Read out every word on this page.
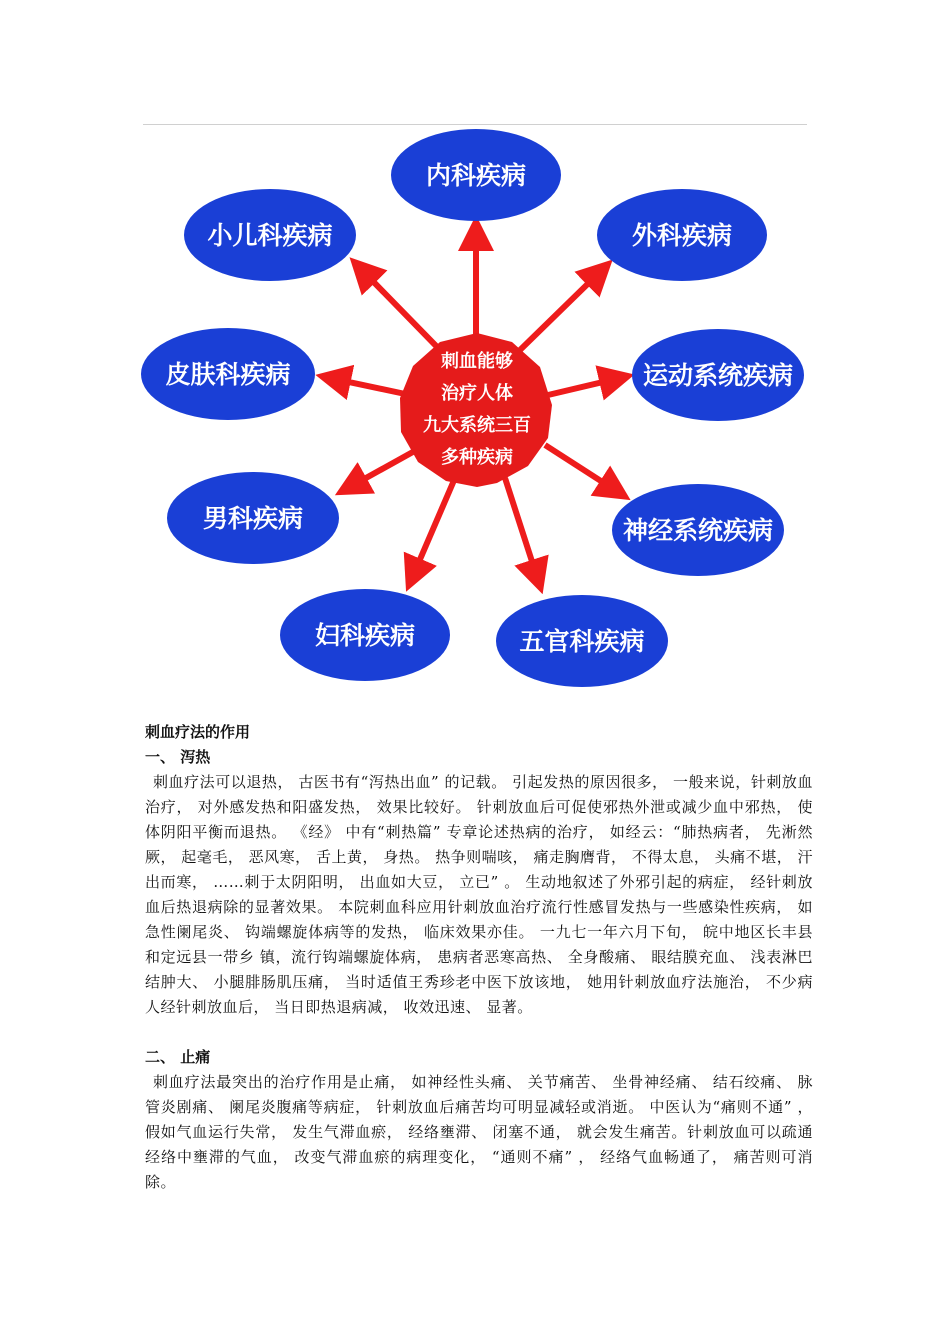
刺血能够
治疗人体
九大系统三百
多种疾病
内科疾病
小儿科疾病	外科疾病
皮肤科疾病	运动系统疾病
男科疾病	神经系统疾病
妇科疾病	五官科疾病

刺血疗法的作用

一、 泻热

刺血疗法可以退热， 古医书有“泻热出血” 的记载。 引起发热的原因很多， 一般来说，针刺放血治疗， 对外感发热和阳盛发热， 效果比较好。 针刺放血后可促使邪热外泄或减少血中邪热， 使体阴阳平衡而退热。 《经》 中有“刺热篇” 专章论述热病的治疗， 如经云：“肺热病者， 先淅然厥， 起毫毛， 恶风寒， 舌上黄， 身热。 热争则喘咳， 痛走胸膺背， 不得太息， 头痛不堪， 汗出而寒， ……刺于太阴阳明， 出血如大豆， 立已” 。 生动地叙述了外邪引起的病症， 经针刺放血后热退病除的显著效果。 本院刺血科应用针刺放血治疗流行性感冒发热与一些感染性疾病， 如急性阑尾炎、 钩端螺旋体病等的发热， 临床效果亦佳。 一九七一年六月下旬， 皖中地区长丰县和定远县一带乡 镇，流行钩端螺旋体病， 患病者恶寒高热、 全身酸痛、 眼结膜充血、 浅表淋巴结肿大、 小腿腓肠肌压痛， 当时适值王秀珍老中医下放该地， 她用针刺放血疗法施治， 不少病人经针刺放血后， 当日即热退病减， 收效迅速、 显著。

二、 止痛

刺血疗法最突出的治疗作用是止痛， 如神经性头痛、 关节痛苦、 坐骨神经痛、 结石绞痛、 脉管炎剧痛、 阑尾炎腹痛等病症， 针刺放血后痛苦均可明显减轻或消逝。 中医认为“痛则不通” ， 假如气血运行失常， 发生气滞血瘀， 经络壅滞、 闭塞不通， 就会发生痛苦。针刺放血可以疏通经络中壅滞的气血， 改变气滞血瘀的病理变化， “通则不痛” ， 经络气血畅通了， 痛苦则可消除。
